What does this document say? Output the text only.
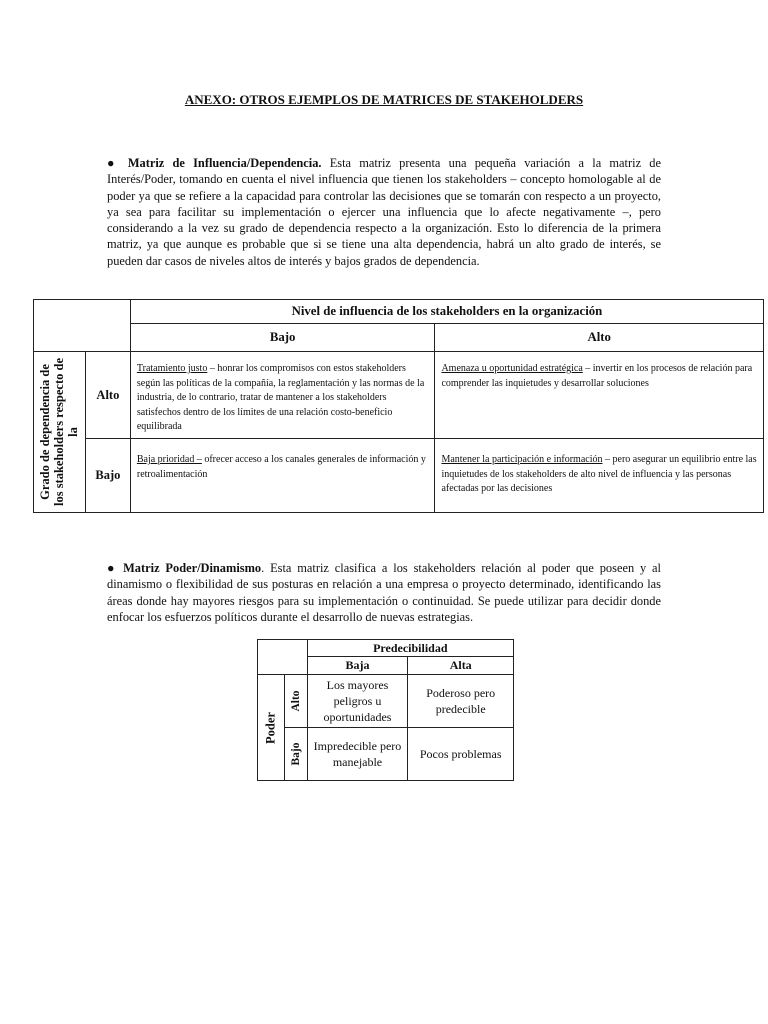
ANEXO: OTROS EJEMPLOS DE MATRICES DE STAKEHOLDERS
● Matriz de Influencia/Dependencia. Esta matriz presenta una pequeña variación a la matriz de Interés/Poder, tomando en cuenta el nivel influencia que tienen los stakeholders – concepto homologable al de poder ya que se refiere a la capacidad para controlar las decisiones que se tomarán con respecto a un proyecto, ya sea para facilitar su implementación o ejercer una influencia que lo afecte negativamente –, pero considerando a la vez su grado de dependencia respecto a la organización. Esto lo diferencia de la primera matriz, ya que aunque es probable que si se tiene una alta dependencia, habrá un alto grado de interés, se pueden dar casos de niveles altos de interés y bajos grados de dependencia.
		Nivel de influencia de los stakeholders en la organización	
		Bajo	Alto

Grado de dependencia de los stakeholders respecto de la	Alto	Tratamiento justo – honrar los compromisos con estos stakeholders según las políticas de la compañía, la reglamentación y las normas de la industria, de lo contrario, tratar de mantener a los stakeholders satisfechos dentro de los límites de una relación costo-beneficio equilibrada	Amenaza u oportunidad estratégica – invertir en los procesos de relación para comprender las inquietudes y desarrollar soluciones
	Bajo	Baja prioridad – ofrecer acceso a los canales generales de información y retroalimentación	Mantener la participación e información – pero asegurar un equilibrio entre las inquietudes de los stakeholders de alto nivel de influencia y las personas afectadas por las decisiones
● Matriz Poder/Dinamismo. Esta matriz clasifica a los stakeholders relación al poder que poseen y al dinamismo o flexibilidad de sus posturas en relación a una empresa o proyecto determinado, identificando las áreas donde hay mayores riesgos para su implementación o continuidad. Se puede utilizar para decidir donde enfocar los esfuerzos políticos durante el desarrollo de nuevas estrategias.
		Predecibilidad	
		Baja	Alta

Poder	Alto	Los mayores peligros u oportunidades	Poderoso pero predecible

	Bajo	Impredecible pero manejable	Pocos problemas
